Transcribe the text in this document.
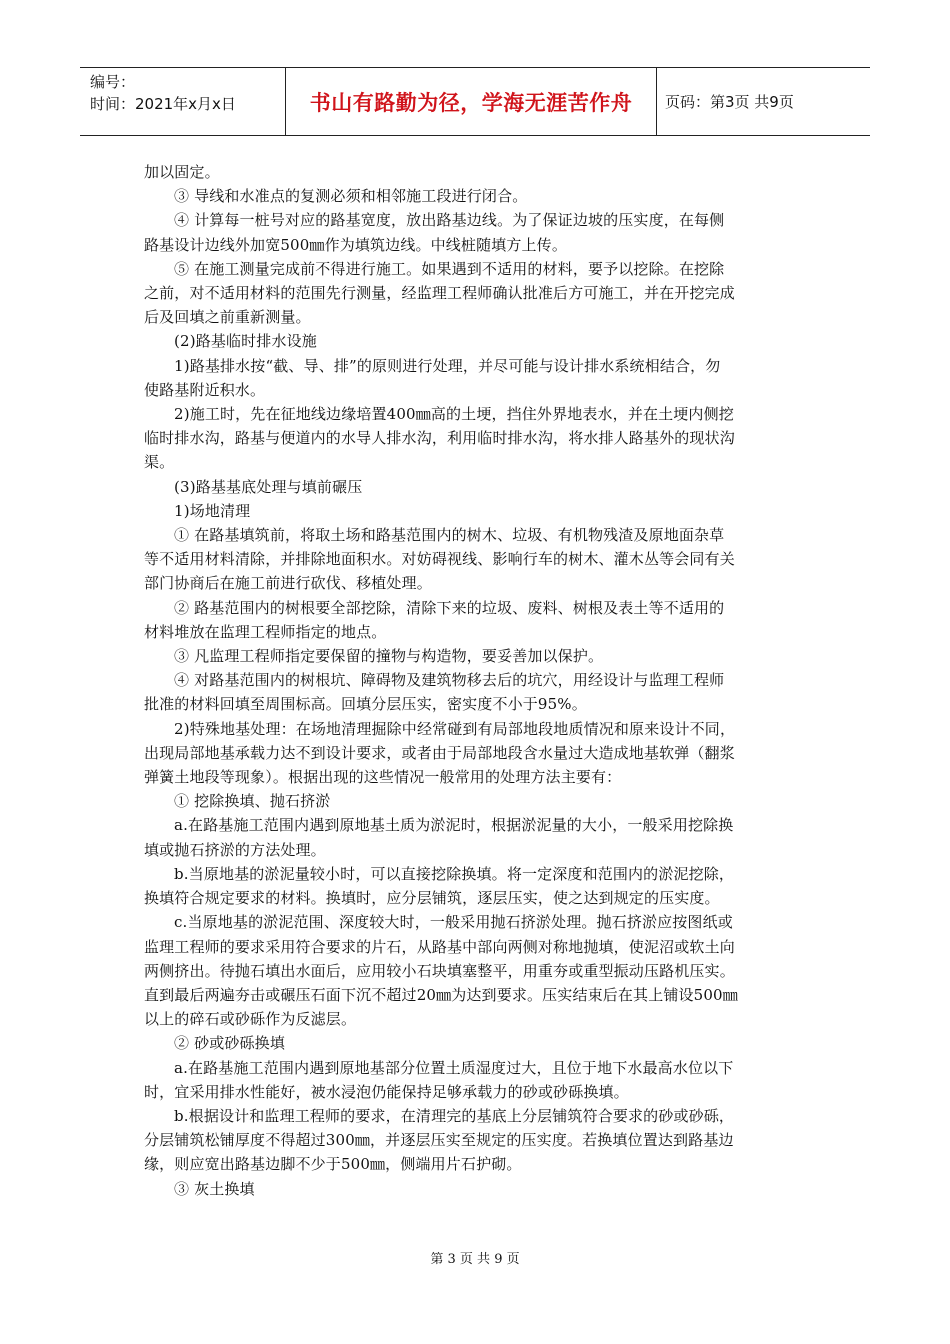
编号：
时间：2021年x月x日	书山有路勤为径，学海无涯苦作舟	页码：第3页 共9页
加以固定。
③ 导线和水准点的复测必须和相邻施工段进行闭合。
④ 计算每一桩号对应的路基宽度，放出路基边线。为了保证边坡的压实度，在每侧
路基设计边线外加宽500㎜作为填筑边线。中线桩随填方上传。
⑤ 在施工测量完成前不得进行施工。如果遇到不适用的材料，要予以挖除。在挖除
之前，对不适用材料的范围先行测量，经监理工程师确认批准后方可施工，并在开挖完成
后及回填之前重新测量。
(2)路基临时排水设施
1)路基排水按“截、导、排”的原则进行处理，并尽可能与设计排水系统相结合，勿
使路基附近积水。
2)施工时，先在征地线边缘培置400㎜高的土埂，挡住外界地表水，并在土埂内侧挖
临时排水沟，路基与便道内的水导人排水沟，利用临时排水沟，将水排人路基外的现状沟
渠。
(3)路基基底处理与填前碾压
1)场地清理
① 在路基填筑前，将取土场和路基范围内的树木、垃圾、有机物残渣及原地面杂草
等不适用材料清除，并排除地面积水。对妨碍视线、影响行车的树木、灌木丛等会同有关
部门协商后在施工前进行砍伐、移植处理。
② 路基范围内的树根要全部挖除，清除下来的垃圾、废料、树根及表土等不适用的
材料堆放在监理工程师指定的地点。
③ 凡监理工程师指定要保留的撞物与构造物，要妥善加以保护。
④ 对路基范围内的树根坑、障碍物及建筑物移去后的坑穴，用经设计与监理工程师
批准的材料回填至周围标高。回填分层压实，密实度不小于95%。
2)特殊地基处理：在场地清理掘除中经常碰到有局部地段地质情况和原来设计不同，
出现局部地基承载力达不到设计要求，或者由于局部地段含水量过大造成地基软弹（翻浆
弹簧土地段等现象）。根据出现的这些情况一般常用的处理方法主要有：
① 挖除换填、抛石挤淤
a.在路基施工范围内遇到原地基土质为淤泥时，根据淤泥量的大小，一般采用挖除换
填或抛石挤淤的方法处理。
b.当原地基的淤泥量较小时，可以直接挖除换填。将一定深度和范围内的淤泥挖除，
换填符合规定要求的材料。换填时，应分层铺筑，逐层压实，使之达到规定的压实度。
c.当原地基的淤泥范围、深度较大时，一般采用抛石挤淤处理。抛石挤淤应按图纸或
监理工程师的要求采用符合要求的片石，从路基中部向两侧对称地抛填，使泥沼或软土向
两侧挤出。待抛石填出水面后，应用较小石块填塞整平，用重夯或重型振动压路机压实。
直到最后两遍夯击或碾压石面下沉不超过20㎜为达到要求。压实结束后在其上铺设500㎜
以上的碎石或砂砾作为反滤层。
② 砂或砂砾换填
a.在路基施工范围内遇到原地基部分位置土质湿度过大，且位于地下水最高水位以下
时，宜采用排水性能好，被水浸泡仍能保持足够承载力的砂或砂砾换填。
b.根据设计和监理工程师的要求，在清理完的基底上分层铺筑符合要求的砂或砂砾，
分层铺筑松铺厚度不得超过300㎜，并逐层压实至规定的压实度。若换填位置达到路基边
缘，则应宽出路基边脚不少于500㎜，侧端用片石护砌。
③ 灰土换填
第 3 页 共 9 页
